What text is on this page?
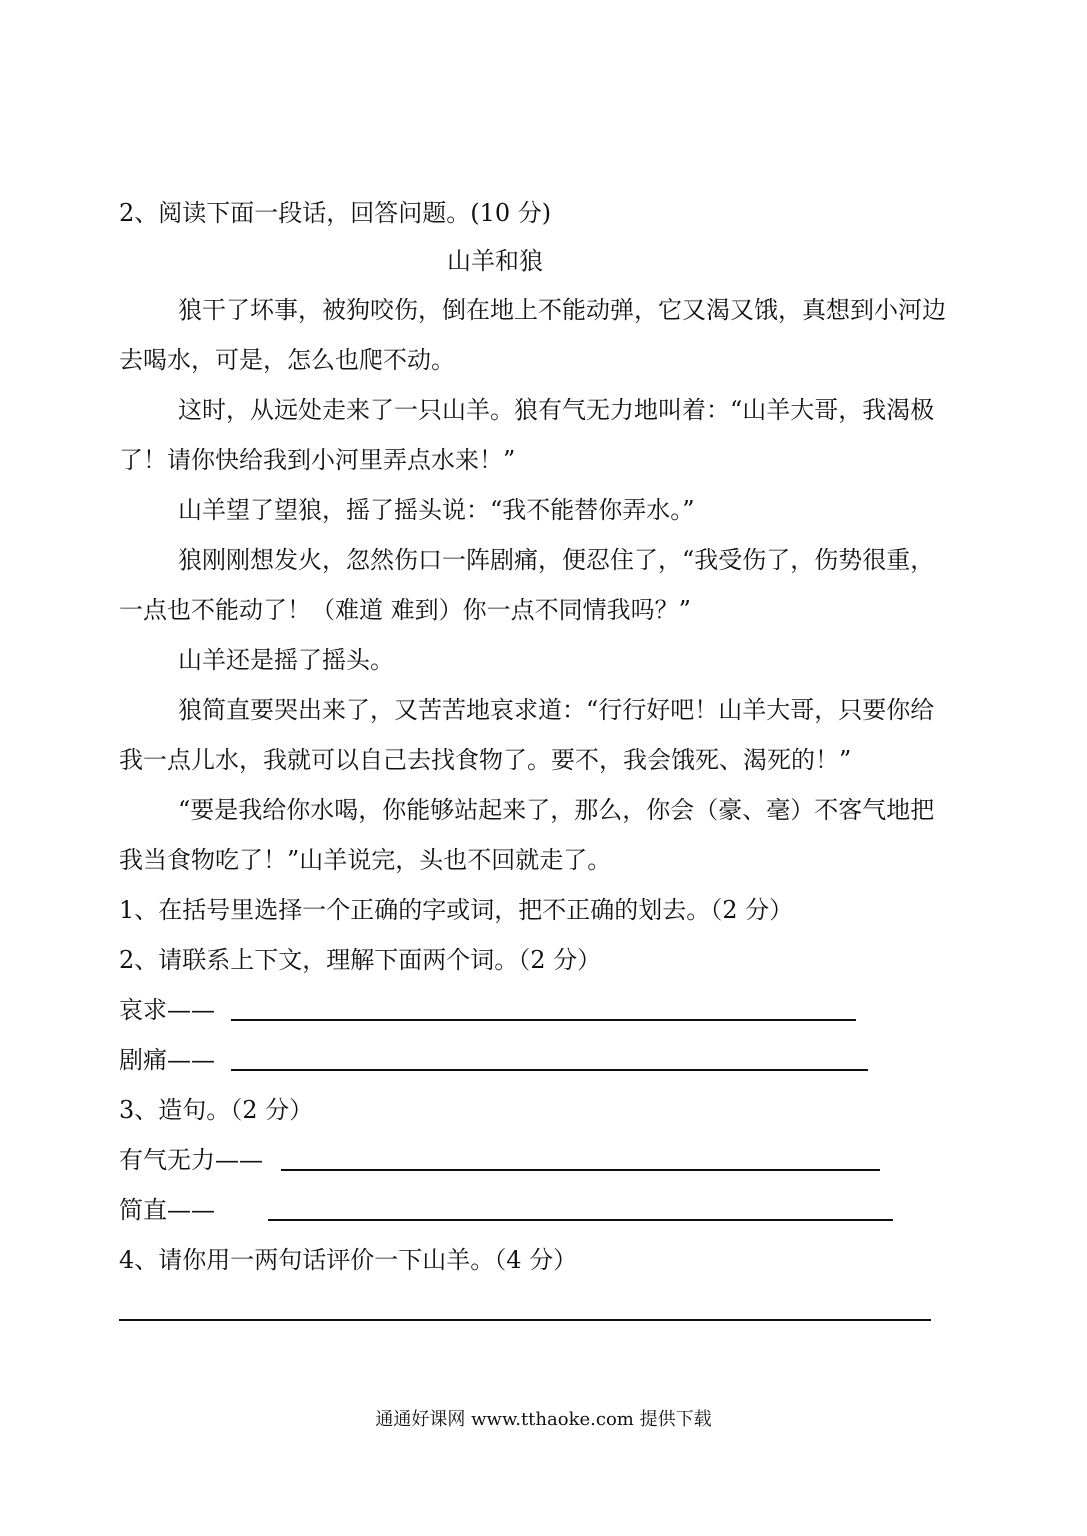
2、阅读下面一段话，回答问题。(10 分)
山羊和狼
狼干了坏事，被狗咬伤，倒在地上不能动弹，它又渴又饿，真想到小河边
去喝水，可是，怎么也爬不动。
这时，从远处走来了一只山羊。狼有气无力地叫着：“山羊大哥，我渴极
了！请你快给我到小河里弄点水来！”
山羊望了望狼，摇了摇头说：“我不能替你弄水。”
狼刚刚想发火，忽然伤口一阵剧痛，便忍住了，“我受伤了，伤势很重，
一点也不能动了！（难道 难到）你一点不同情我吗？”
山羊还是摇了摇头。
狼简直要哭出来了，又苦苦地哀求道：“行行好吧！山羊大哥，只要你给
我一点儿水，我就可以自己去找食物了。要不，我会饿死、渴死的！”
“要是我给你水喝，你能够站起来了，那么，你会（豪、毫）不客气地把
我当食物吃了！”山羊说完，头也不回就走了。
1、在括号里选择一个正确的字或词，把不正确的划去。（2 分）
2、请联系上下文，理解下面两个词。（2 分）
哀求——
剧痛——
3、造句。（2 分）
有气无力——
简直——
4、请你用一两句话评价一下山羊。（4 分）
通通好课网 www.tthaoke.com 提供下载
